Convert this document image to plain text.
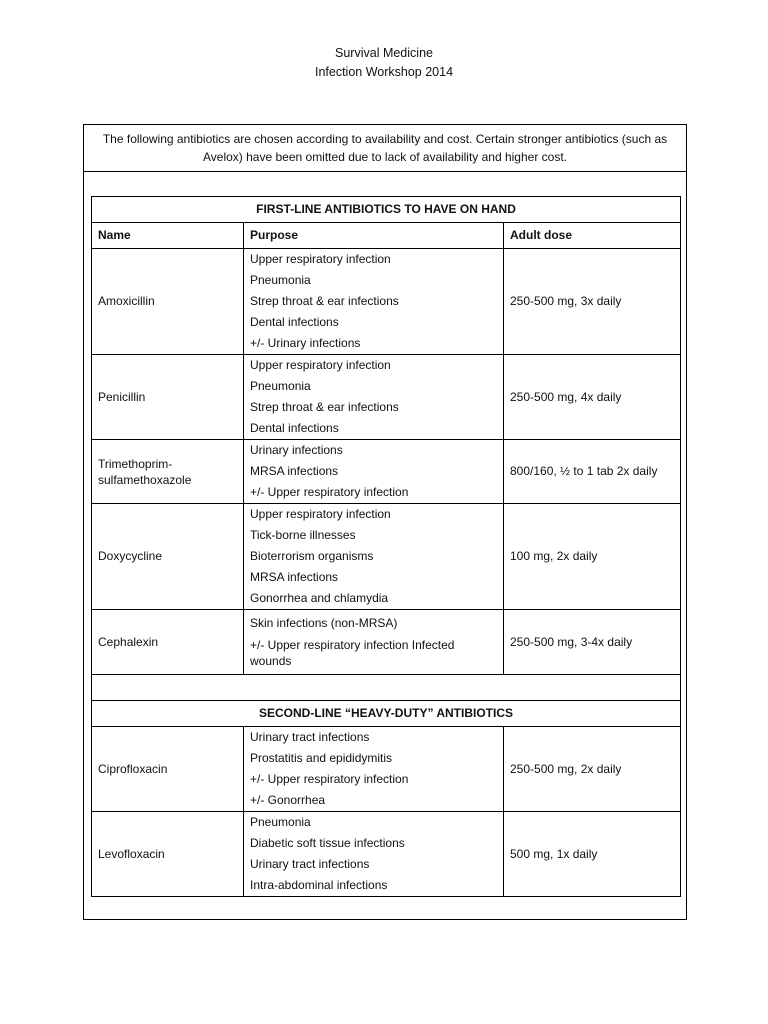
Survival Medicine
Infection Workshop 2014
The following antibiotics are chosen according to availability and cost. Certain stronger antibiotics (such as Avelox) have been omitted due to lack of availability and higher cost.
FIRST-LINE ANTIBIOTICS TO HAVE ON HAND		
Name	Purpose	Adult dose
Amoxicillin	Upper respiratory infection
Pneumonia
Strep throat & ear infections
Dental infections
+/- Urinary infections	250-500 mg, 3x daily
Penicillin	Upper respiratory infection
Pneumonia
Strep throat & ear infections
Dental infections	250-500 mg, 4x daily
Trimethoprim-sulfamethoxazole	Urinary infections
MRSA infections
+/- Upper respiratory infection	800/160, ½ to 1 tab 2x daily
Doxycycline	Upper respiratory infection
Tick-borne illnesses
Bioterrorism organisms
MRSA infections
Gonorrhea and chlamydia	100 mg, 2x daily
Cephalexin	Skin infections (non-MRSA)
+/- Upper respiratory infection Infected wounds	250-500 mg, 3-4x daily

SECOND-LINE “HEAVY-DUTY” ANTIBIOTICS		
Ciprofloxacin	Urinary tract infections
Prostatitis and epididymitis
+/- Upper respiratory infection
+/- Gonorrhea	250-500 mg, 2x daily
Levofloxacin	Pneumonia
Diabetic soft tissue infections
Urinary tract infections
Intra-abdominal infections	500 mg, 1x daily
